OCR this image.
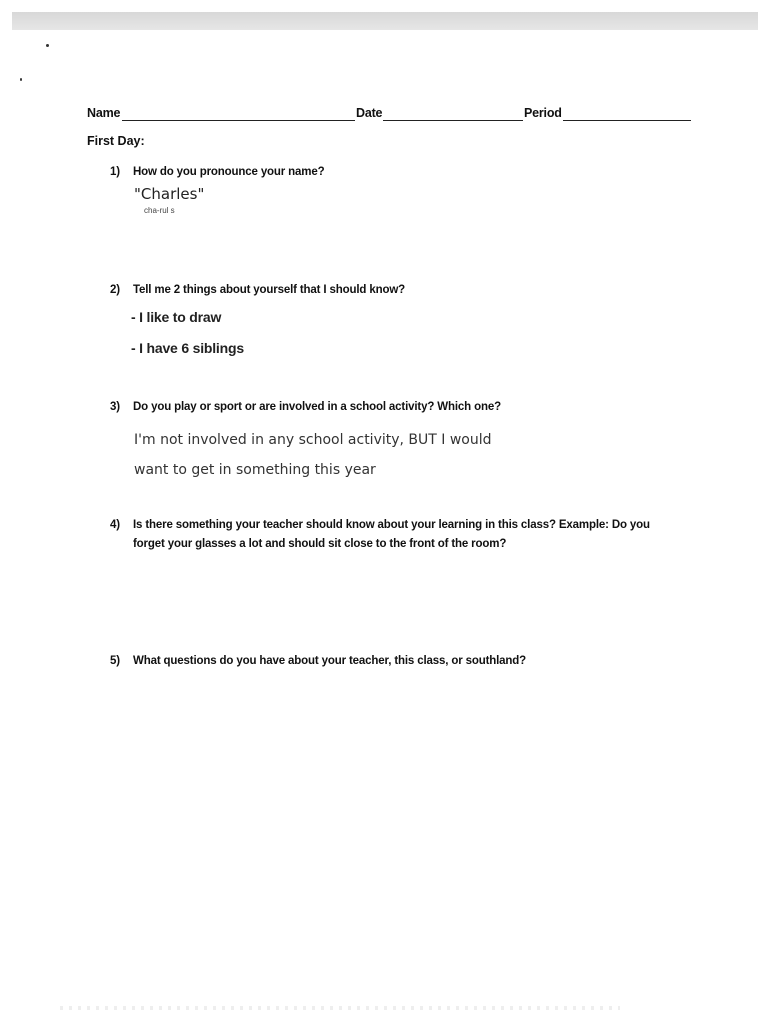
Name	Date	Period
First Day:
1) How do you pronounce your name?
"Charles"
cha-rul s
2) Tell me 2 things about yourself that I should know?
- I like to draw
- I have 6 siblings
3) Do you play or sport or are involved in a school activity? Which one?
I'm not involved in any school activity, BUT I would
want to get in something this year
4) Is there something your teacher should know about your learning in this class? Example: Do you
forget your glasses a lot and should sit close to the front of the room?
5) What questions do you have about your teacher, this class, or southland?
